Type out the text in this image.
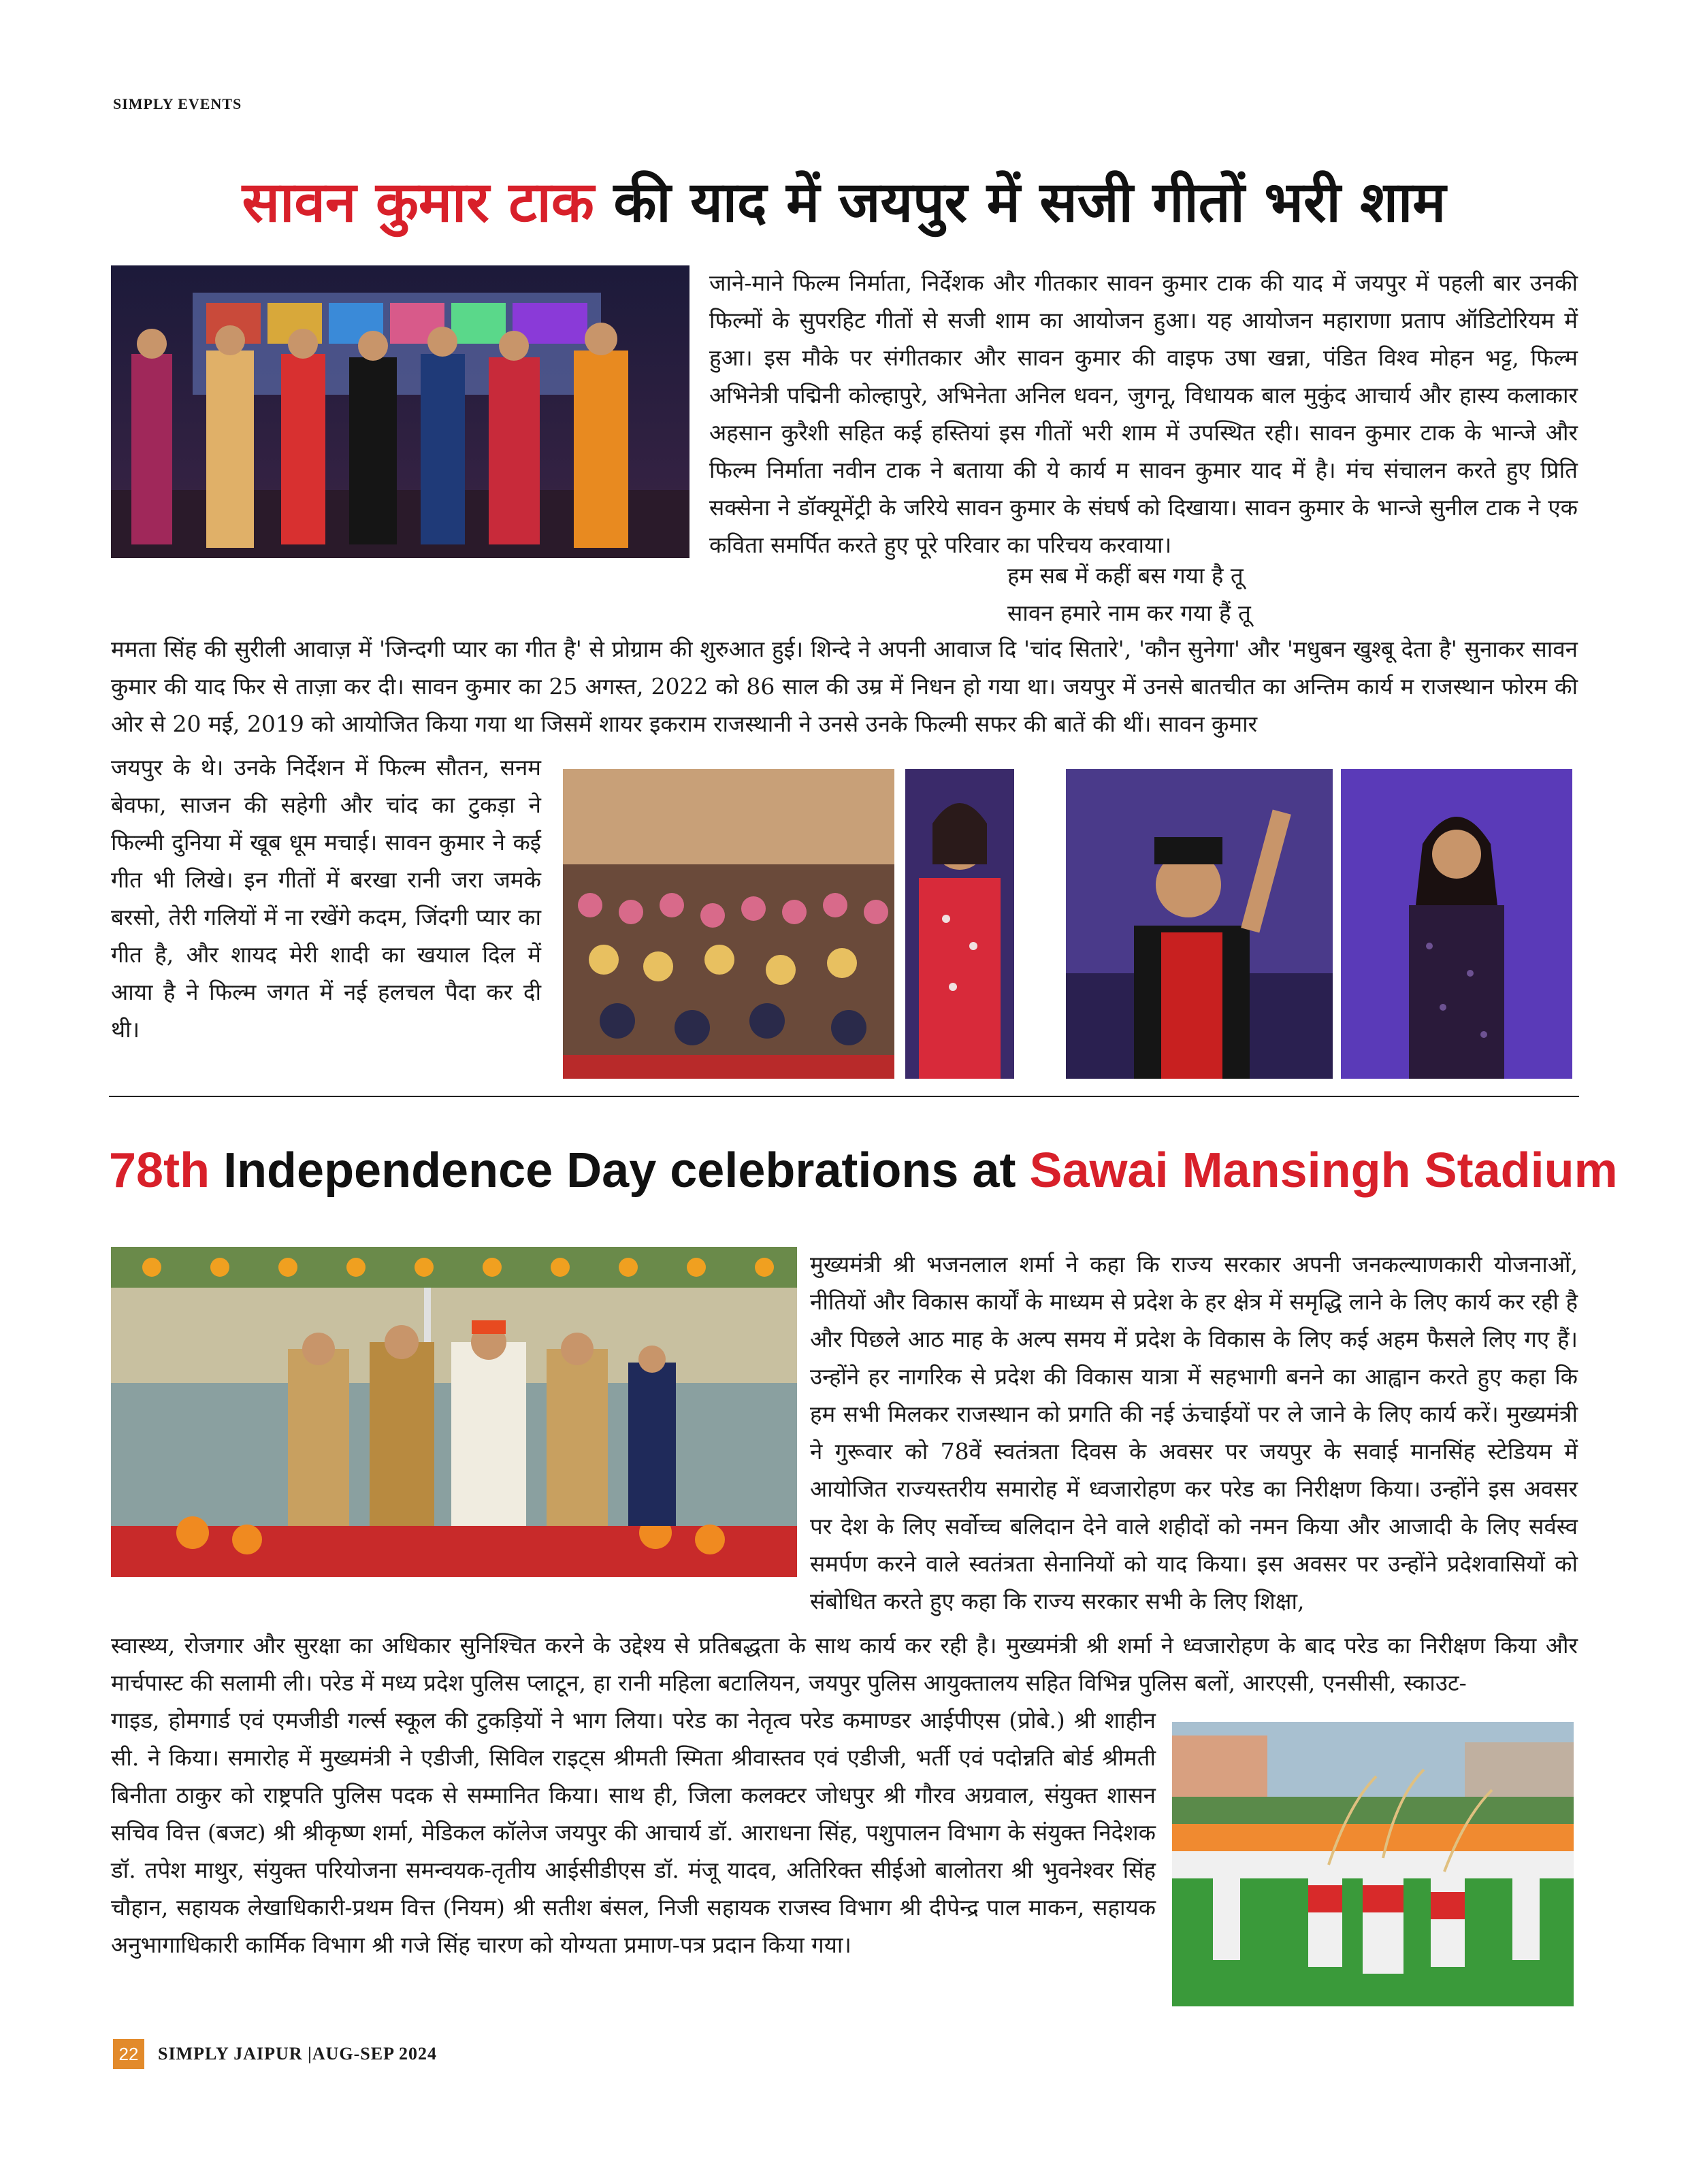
SIMPLY EVENTS
सावन कुमार टाक की याद में जयपुर में सजी गीतों भरी शाम
जाने-माने फिल्म निर्माता, निर्देशक और गीतकार सावन कुमार टाक की याद में जयपुर में पहली बार उनकी फिल्मों के सुपरहिट गीतों से सजी शाम का आयोजन हुआ। यह आयोजन महाराणा प्रताप ऑडिटोरियम में हुआ। इस मौके पर संगीतकार और सावन कुमार की वाइफ उषा खन्ना, पंडित विश्व मोहन भट्ट, फिल्म अभिनेत्री पद्मिनी कोल्हापुरे, अभिनेता अनिल धवन, जुगनू, विधायक बाल मुकुंद आचार्य और हास्य कलाकार अहसान कुरैशी सहित कई हस्तियां इस गीतों भरी शाम में उपस्थित रही। सावन कुमार टाक के भान्जे और फिल्म निर्माता नवीन टाक ने बताया की ये कार्य म सावन कुमार याद में है। मंच संचालन करते हुए प्रिति सक्सेना ने डॉक्यूमेंट्री के जरिये सावन कुमार के संघर्ष को दिखाया। सावन कुमार के भान्जे सुनील टाक ने एक कविता समर्पित करते हुए पूरे परिवार का परिचय करवाया।
हम सब में कहीं बस गया है तू
सावन हमारे नाम कर गया हैं तू
ममता सिंह की सुरीली आवाज़ में 'जिन्दगी प्यार का गीत है' से प्रोग्राम की शुरुआत हुई। शिन्दे ने अपनी आवाज दि 'चांद सितारे', 'कौन सुनेगा' और 'मधुबन खुश्बू देता है' सुनाकर सावन कुमार की याद फिर से ताज़ा कर दी। सावन कुमार का 25 अगस्त, 2022 को 86 साल की उम्र में निधन हो गया था। जयपुर में उनसे बातचीत का अन्तिम कार्य म राजस्थान फोरम की ओर से 20 मई, 2019 को आयोजित किया गया था जिसमें शायर इकराम राजस्थानी ने उनसे उनके फिल्मी सफर की बातें की थीं। सावन कुमार
जयपुर के थे। उनके निर्देशन में फिल्म सौतन, सनम बेवफा, साजन की सहेगी और चांद का टुकड़ा ने फिल्मी दुनिया में खूब धूम मचाई। सावन कुमार ने कई गीत भी लिखे। इन गीतों में बरखा रानी जरा जमके बरसो, तेरी गलियों में ना रखेंगे कदम, जिंदगी प्यार का गीत है, और शायद मेरी शादी का खयाल दिल में आया है ने फिल्म जगत में नई हलचल पैदा कर दी थी।
78th Independence Day celebrations at Sawai Mansingh Stadium
मुख्यमंत्री श्री भजनलाल शर्मा ने कहा कि राज्य सरकार अपनी जनकल्याणकारी योजनाओं, नीतियों और विकास कार्यों के माध्यम से प्रदेश के हर क्षेत्र में समृद्धि लाने के लिए कार्य कर रही है और पिछले आठ माह के अल्प समय में प्रदेश के विकास के लिए कई अहम फैसले लिए गए हैं। उन्होंने हर नागरिक से प्रदेश की विकास यात्रा में सहभागी बनने का आह्वान करते हुए कहा कि हम सभी मिलकर राजस्थान को प्रगति की नई ऊंचाईयों पर ले जाने के लिए कार्य करें। मुख्यमंत्री ने गुरूवार को 78वें स्वतंत्रता दिवस के अवसर पर जयपुर के सवाई मानसिंह स्टेडियम में आयोजित राज्यस्तरीय समारोह में ध्वजारोहण कर परेड का निरीक्षण किया। उन्होंने इस अवसर पर देश के लिए सर्वोच्च बलिदान देने वाले शहीदों को नमन किया और आजादी के लिए सर्वस्व समर्पण करने वाले स्वतंत्रता सेनानियों को याद किया। इस अवसर पर उन्होंने प्रदेशवासियों को संबोधित करते हुए कहा कि राज्य सरकार सभी के लिए शिक्षा,
स्वास्थ्य, रोजगार और सुरक्षा का अधिकार सुनिश्चित करने के उद्देश्य से प्रतिबद्धता के साथ कार्य कर रही है। मुख्यमंत्री श्री शर्मा ने ध्वजारोहण के बाद परेड का निरीक्षण किया और मार्चपास्ट की सलामी ली। परेड में मध्य प्रदेश पुलिस प्लाटून, हा रानी महिला बटालियन, जयपुर पुलिस आयुक्तालय सहित विभिन्न पुलिस बलों, आरएसी, एनसीसी, स्काउट-
गाइड, होमगार्ड एवं एमजीडी गर्ल्स स्कूल की टुकड़ियों ने भाग लिया। परेड का नेतृत्व परेड कमाण्डर आईपीएस (प्रोबे.) श्री शाहीन सी. ने किया। समारोह में मुख्यमंत्री ने एडीजी, सिविल राइट्स श्रीमती स्मिता श्रीवास्तव एवं एडीजी, भर्ती एवं पदोन्नति बोर्ड श्रीमती बिनीता ठाकुर को राष्ट्रपति पुलिस पदक से सम्मानित किया। साथ ही, जिला कलक्टर जोधपुर श्री गौरव अग्रवाल, संयुक्त शासन सचिव वित्त (बजट) श्री श्रीकृष्ण शर्मा, मेडिकल कॉलेज जयपुर की आचार्य डॉ. आराधना सिंह, पशुपालन विभाग के संयुक्त निदेशक डॉ. तपेश माथुर, संयुक्त परियोजना समन्वयक-तृतीय आईसीडीएस डॉ. मंजू यादव, अतिरिक्त सीईओ बालोतरा श्री भुवनेश्वर सिंह चौहान, सहायक लेखाधिकारी-प्रथम वित्त (नियम) श्री सतीश बंसल, निजी सहायक राजस्व विभाग श्री दीपेन्द्र पाल माकन, सहायक अनुभागाधिकारी कार्मिक विभाग श्री गजे सिंह चारण को योग्यता प्रमाण-पत्र प्रदान किया गया।
22	SIMPLY JAIPUR |AUG-SEP 2024
